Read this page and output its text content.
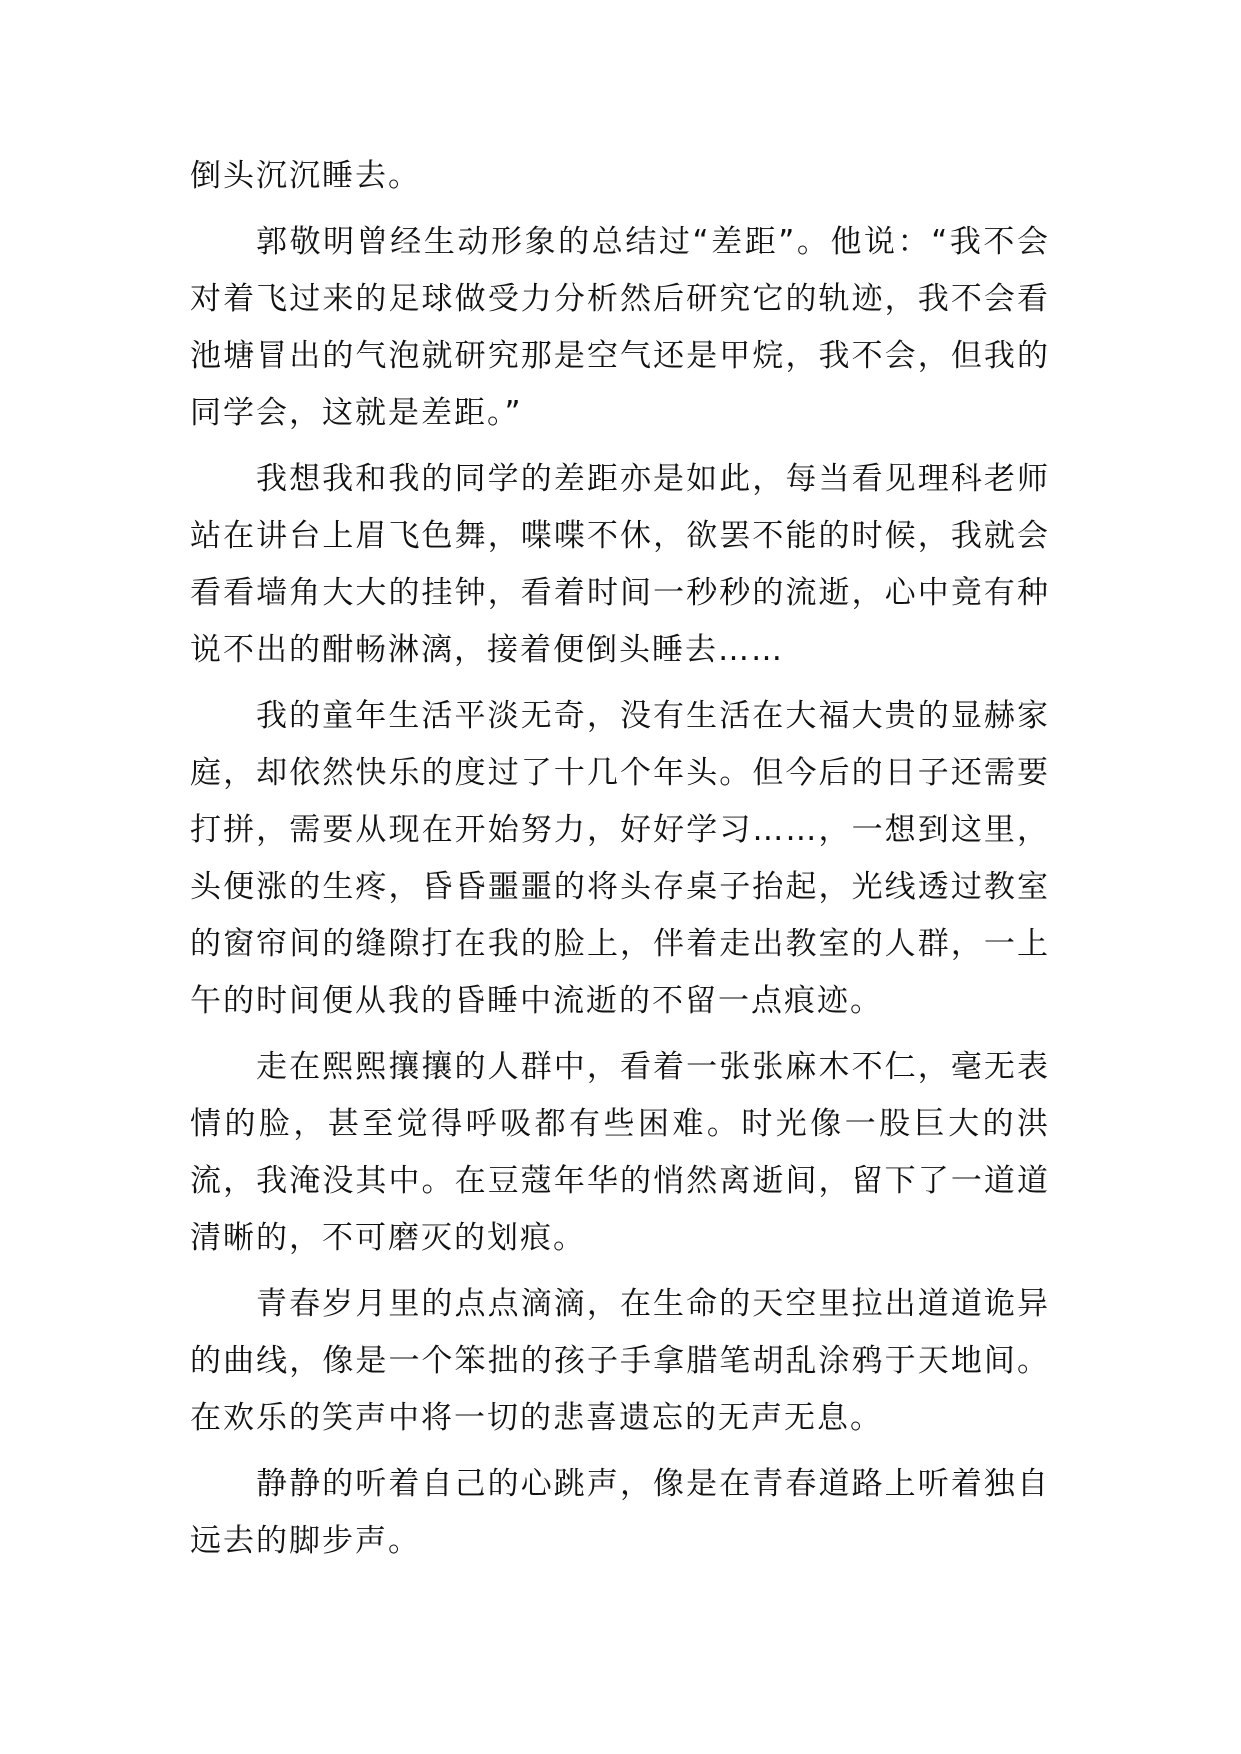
倒头沉沉睡去。

郭敬明曾经生动形象的总结过“差距”。他说：“我不会对着飞过来的足球做受力分析然后研究它的轨迹，我不会看池塘冒出的气泡就研究那是空气还是甲烷，我不会，但我的同学会，这就是差距。”

我想我和我的同学的差距亦是如此，每当看见理科老师站在讲台上眉飞色舞，喋喋不休，欲罢不能的时候，我就会看看墙角大大的挂钟，看着时间一秒秒的流逝，心中竟有种说不出的酣畅淋漓，接着便倒头睡去……

我的童年生活平淡无奇，没有生活在大福大贵的显赫家庭，却依然快乐的度过了十几个年头。但今后的日子还需要打拼，需要从现在开始努力，好好学习……，一想到这里，头便涨的生疼，昏昏噩噩的将头存桌子抬起，光线透过教室的窗帘间的缝隙打在我的脸上，伴着走出教室的人群，一上午的时间便从我的昏睡中流逝的不留一点痕迹。

走在熙熙攘攘的人群中，看着一张张麻木不仁，毫无表情的脸，甚至觉得呼吸都有些困难。时光像一股巨大的洪流，我淹没其中。在豆蔻年华的悄然离逝间，留下了一道道清晰的，不可磨灭的划痕。

青春岁月里的点点滴滴，在生命的天空里拉出道道诡异的曲线，像是一个笨拙的孩子手拿腊笔胡乱涂鸦于天地间。在欢乐的笑声中将一切的悲喜遗忘的无声无息。

静静的听着自己的心跳声，像是在青春道路上听着独自远去的脚步声。
